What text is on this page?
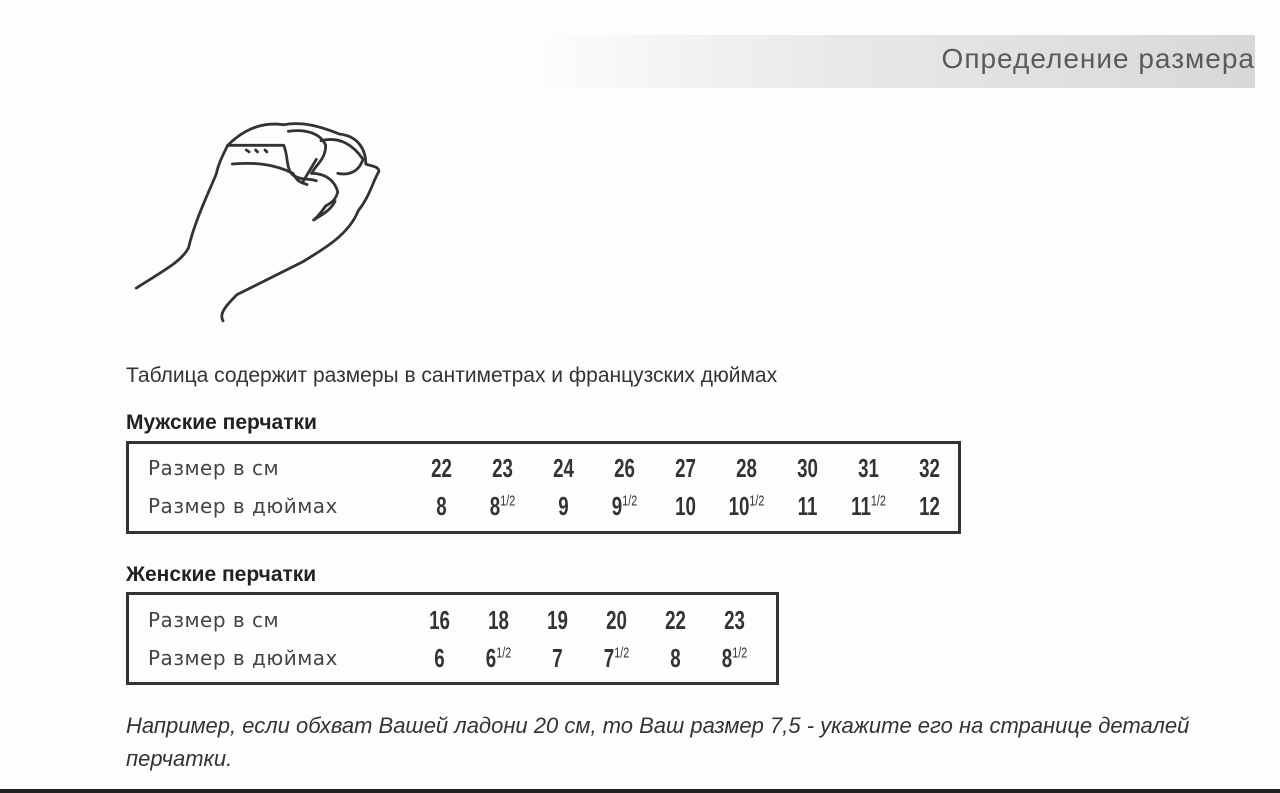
Определение размера
Таблица содержит размеры в сантиметрах и французских дюймах
Мужские перчатки
Размер в см	22	23	24	26	27	28	30	31	32
Размер в дюймах	8	$8^{1/2}$	9	$9^{1/2}$	10	$10^{1/2}$	11	$11^{1/2}$	12
Женские перчатки
Размер в см	16	18	19	20	22	23
Размер в дюймах	6	$6^{1/2}$	7	$7^{1/2}$	8	$8^{1/2}$
Например, если обхват Вашей ладони 20 см, то Ваш размер 7,5 - укажите его на странице деталей перчатки.
